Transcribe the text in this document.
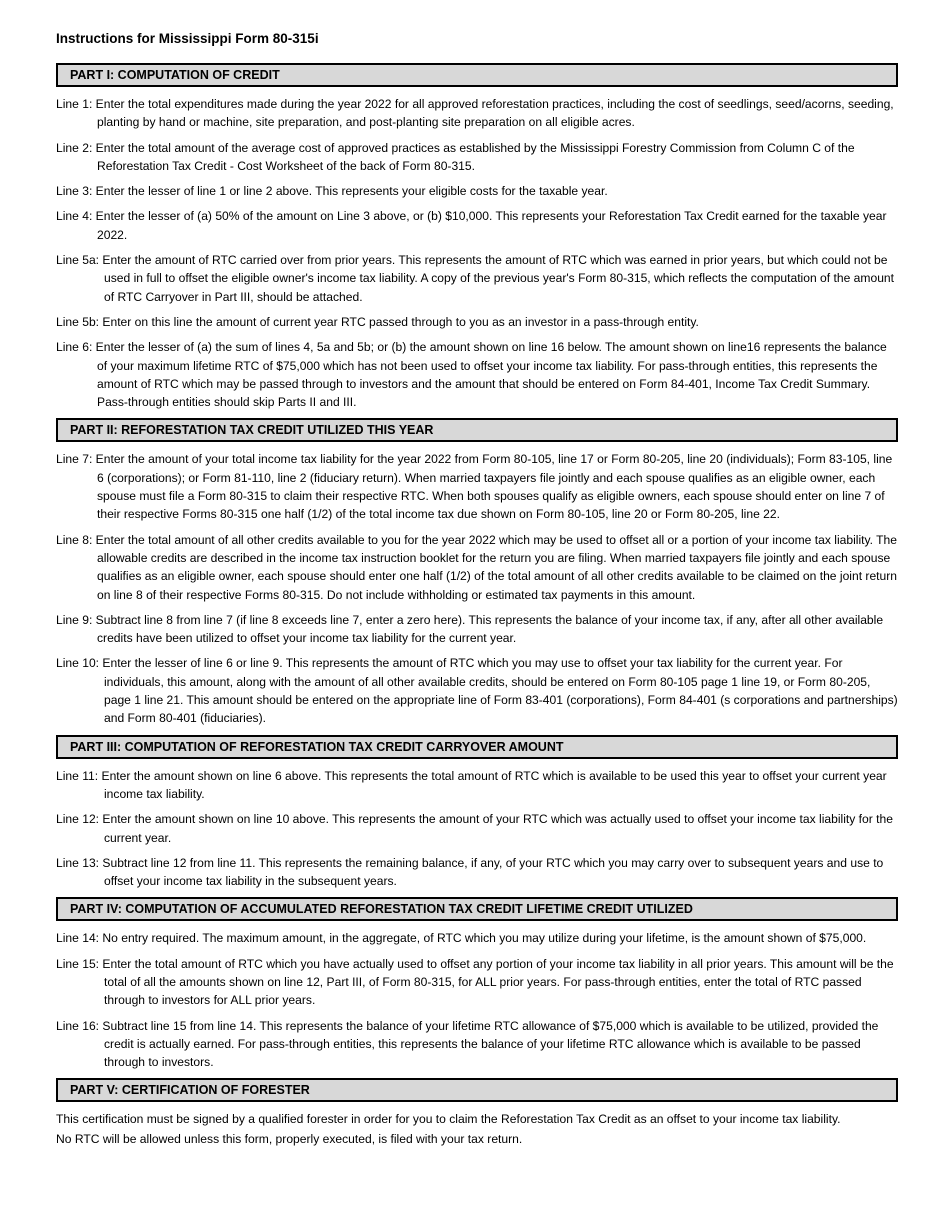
Instructions for Mississippi Form 80-315i
PART I: COMPUTATION OF CREDIT

Line 1: Enter the total expenditures made during the year 2022 for all approved reforestation practices, including the cost of seedlings, seed/acorns, seeding, planting by hand or machine, site preparation, and post-planting site preparation on all eligible acres.

Line 2: Enter the total amount of the average cost of approved practices as established by the Mississippi Forestry Commission from Column C of the Reforestation Tax Credit - Cost Worksheet of the back of Form 80-315.

Line 3: Enter the lesser of line 1 or line 2 above. This represents your eligible costs for the taxable year.

Line 4: Enter the lesser of (a) 50% of the amount on Line 3 above, or (b) $10,000. This represents your Reforestation Tax Credit earned for the taxable year 2022.

Line 5a: Enter the amount of RTC carried over from prior years. This represents the amount of RTC which was earned in prior years, but which could not be used in full to offset the eligible owner's income tax liability. A copy of the previous year's Form 80-315, which reflects the computation of the amount of RTC Carryover in Part III, should be attached.

Line 5b: Enter on this line the amount of current year RTC passed through to you as an investor in a pass-through entity.

Line 6: Enter the lesser of (a) the sum of lines 4, 5a and 5b; or (b) the amount shown on line 16 below. The amount shown on line16 represents the balance of your maximum lifetime RTC of $75,000 which has not been used to offset your income tax liability. For pass-through entities, this represents the amount of RTC which may be passed through to investors and the amount that should be entered on Form 84-401, Income Tax Credit Summary. Pass-through entities should skip Parts II and III.

PART II: REFORESTATION TAX CREDIT UTILIZED THIS YEAR

Line 7: Enter the amount of your total income tax liability for the year 2022 from Form 80-105, line 17 or Form 80-205, line 20 (individuals); Form 83-105, line 6 (corporations); or Form 81-110, line 2 (fiduciary return). When married taxpayers file jointly and each spouse qualifies as an eligible owner, each spouse must file a Form 80-315 to claim their respective RTC. When both spouses qualify as eligible owners, each spouse should enter on line 7 of their respective Forms 80-315 one half (1/2) of the total income tax due shown on Form 80-105, line 20 or Form 80-205, line 22.

Line 8: Enter the total amount of all other credits available to you for the year 2022 which may be used to offset all or a portion of your income tax liability. The allowable credits are described in the income tax instruction booklet for the return you are filing. When married taxpayers file jointly and each spouse qualifies as an eligible owner, each spouse should enter one half (1/2) of the total amount of all other credits available to be claimed on the joint return on line 8 of their respective Forms 80-315. Do not include withholding or estimated tax payments in this amount.

Line 9: Subtract line 8 from line 7 (if line 8 exceeds line 7, enter a zero here). This represents the balance of your income tax, if any, after all other available credits have been utilized to offset your income tax liability for the current year.

Line 10: Enter the lesser of line 6 or line 9. This represents the amount of RTC which you may use to offset your tax liability for the current year. For individuals, this amount, along with the amount of all other available credits, should be entered on Form 80-105 page 1 line 19, or Form 80-205, page 1 line 21. This amount should be entered on the appropriate line of Form 83-401 (corporations), Form 84-401 (s corporations and partnerships) and Form 80-401 (fiduciaries).

PART III: COMPUTATION OF REFORESTATION TAX CREDIT CARRYOVER AMOUNT

Line 11: Enter the amount shown on line 6 above. This represents the total amount of RTC which is available to be used this year to offset your current year income tax liability.

Line 12: Enter the amount shown on line 10 above. This represents the amount of your RTC which was actually used to offset your income tax liability for the current year.

Line 13: Subtract line 12 from line 11. This represents the remaining balance, if any, of your RTC which you may carry over to subsequent years and use to offset your income tax liability in the subsequent years.

PART IV: COMPUTATION OF ACCUMULATED REFORESTATION TAX CREDIT LIFETIME CREDIT UTILIZED

Line 14: No entry required. The maximum amount, in the aggregate, of RTC which you may utilize during your lifetime, is the amount shown of $75,000.

Line 15: Enter the total amount of RTC which you have actually used to offset any portion of your income tax liability in all prior years. This amount will be the total of all the amounts shown on line 12, Part III, of Form 80-315, for ALL prior years. For pass-through entities, enter the total of RTC passed through to investors for ALL prior years.

Line 16: Subtract line 15 from line 14. This represents the balance of your lifetime RTC allowance of $75,000 which is available to be utilized, provided the credit is actually earned. For pass-through entities, this represents the balance of your lifetime RTC allowance which is available to be passed through to investors.

PART V: CERTIFICATION OF FORESTER

This certification must be signed by a qualified forester in order for you to claim the Reforestation Tax Credit as an offset to your income tax liability.

No RTC will be allowed unless this form, properly executed, is filed with your tax return.
